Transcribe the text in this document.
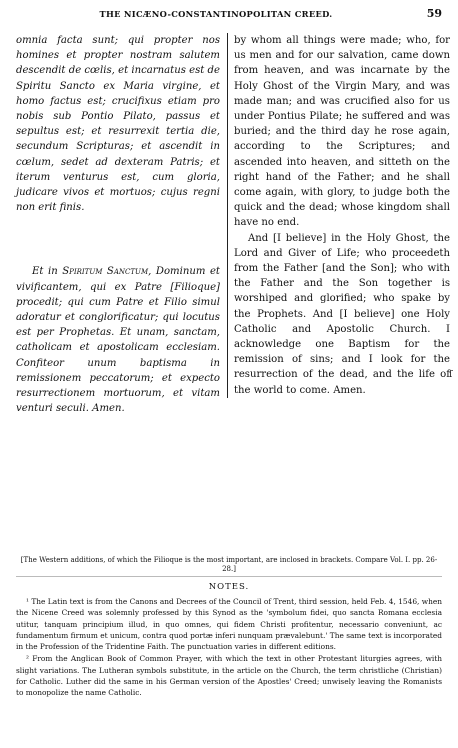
THE NICÆNO-CONSTANTINOPOLITAN CREED.	59

omnia facta sunt; qui propter nos homines et propter nostram salutem descendit de cœlis, et incarnatus est de Spiritu Sancto ex Maria virgine, et homo factus est; crucifixus etiam pro nobis sub Pontio Pilato, passus et sepultus est; et resurrexit tertia die, secundum Scripturas; et ascendit in cœlum, sedet ad dexteram Patris; et iterum venturus est, cum gloria, judicare vivos et mortuos; cujus regni non erit finis.

Et in Spiritum Sanctum, Dominum et vivificantem, qui ex Patre [Filioque] procedit; qui cum Patre et Filio simul adoratur et conglorificatur; qui locutus est per Prophetas. Et unam, sanctam, catholicam et apostolicam ecclesiam. Confiteor unum baptisma in remissionem peccatorum; et expecto resurrectionem mortuorum, et vitam venturi seculi. Amen.

by whom all things were made; who, for us men and for our salvation, came down from heaven, and was incarnate by the Holy Ghost of the Virgin Mary, and was made man; and was crucified also for us under Pontius Pilate; he suffered and was buried; and the third day he rose again, according to the Scriptures; and ascended into heaven, and sitteth on the right hand of the Father; and he shall come again, with glory, to judge both the quick and the dead; whose kingdom shall have no end.

And [I believe] in the Holy Ghost, the Lord and Giver of Life; who proceedeth from the Father [and the Son]; who with the Father and the Son together is worshiped and glorified; who spake by the Prophets. And [I believe] one Holy Catholic and Apostolic Church. I acknowledge one Baptism for the remission of sins; and I look for the resurrection of the dead, and the life of the world to come. Amen.

ſ
[The Western additions, of which the Filioque is the most important, are inclosed in brackets. Compare Vol. I. pp. 26-28.]
NOTES.

¹ The Latin text is from the Canons and Decrees of the Council of Trent, third session, held Feb. 4, 1546, when the Nicene Creed was solemnly professed by this Synod as the 'symbolum fidei, quo sancta Romana ecclesia utitur, tanquam principium illud, in quo omnes, qui fidem Christi profitentur, necessario conveniunt, ac fundamentum firmum et unicum, contra quod portæ inferi nunquam prævalebunt.' The same text is incorporated in the Profession of the Tridentine Faith. The punctuation varies in different editions.

² From the Anglican Book of Common Prayer, with which the text in other Protestant liturgies agrees, with slight variations. The Lutheran symbols substitute, in the article on the Church, the term christliche (Christian) for Catholic. Luther did the same in his German version of the Apostles' Creed; unwisely leaving the Romanists to monopolize the name Catholic.
